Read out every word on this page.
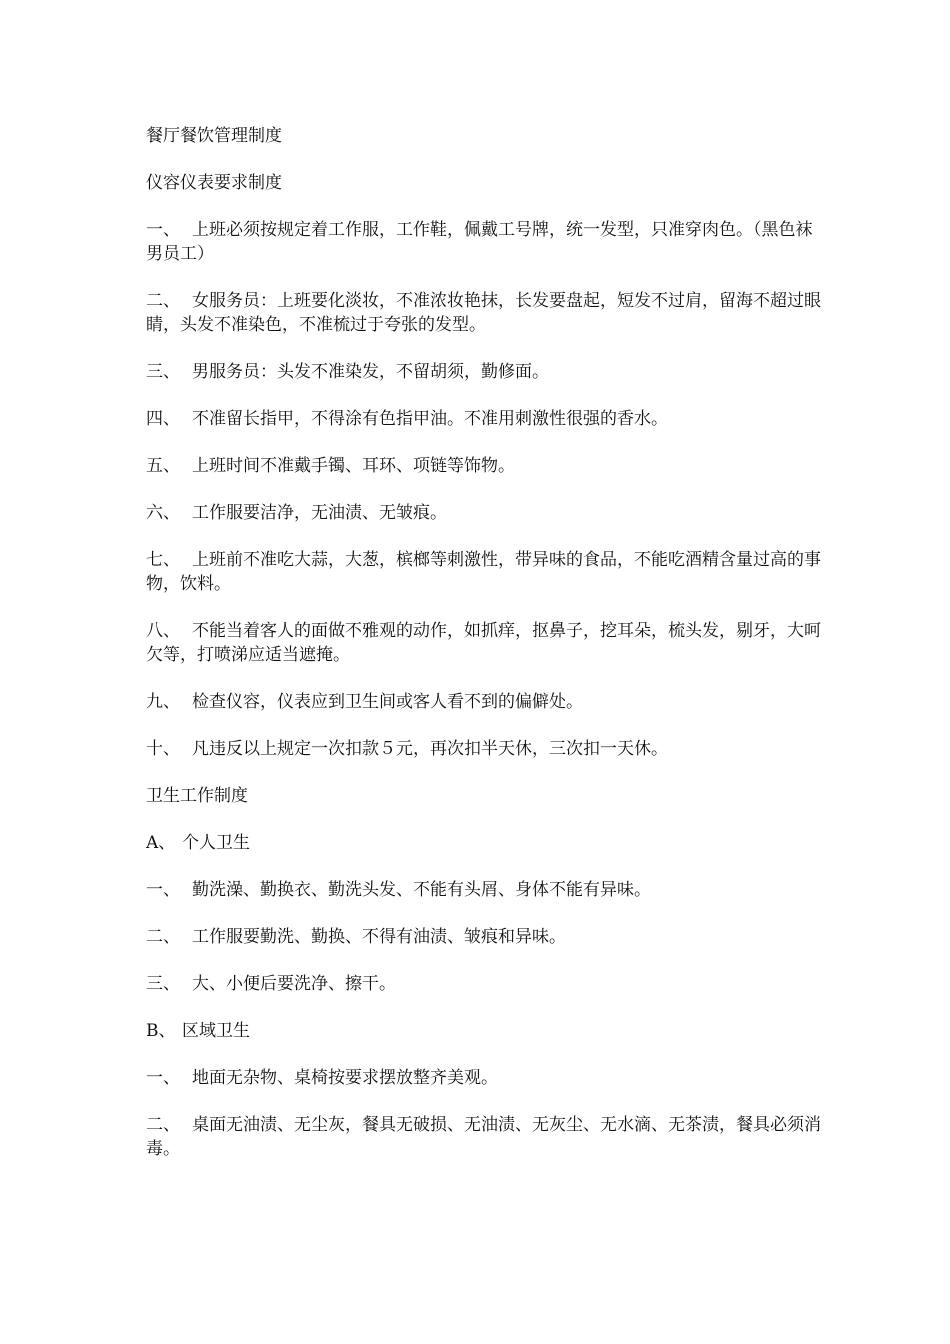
餐厅餐饮管理制度
仪容仪表要求制度
一、 上班必须按规定着工作服，工作鞋，佩戴工号牌，统一发型，只准穿肉色。（黑色袜男员工）
二、 女服务员：上班要化淡妆，不准浓妆艳抹，长发要盘起，短发不过肩，留海不超过眼睛，头发不准染色，不准梳过于夸张的发型。
三、 男服务员：头发不准染发，不留胡须，勤修面。
四、 不准留长指甲，不得涂有色指甲油。不准用刺激性很强的香水。
五、 上班时间不准戴手镯、耳环、项链等饰物。
六、 工作服要洁净，无油渍、无皱痕。
七、 上班前不准吃大蒜，大葱，槟榔等刺激性，带异味的食品，不能吃酒精含量过高的事物，饮料。
八、 不能当着客人的面做不雅观的动作，如抓痒，抠鼻子，挖耳朵，梳头发，剔牙，大呵欠等，打喷涕应适当遮掩。
九、 检查仪容，仪表应到卫生间或客人看不到的偏僻处。
十、 凡违反以上规定一次扣款５元，再次扣半天休，三次扣一天休。
卫生工作制度
A、 个人卫生
一、 勤洗澡、勤换衣、勤洗头发、不能有头屑、身体不能有异味。
二、 工作服要勤洗、勤换、不得有油渍、皱痕和异味。
三、 大、小便后要洗净、擦干。
B、 区域卫生
一、 地面无杂物、桌椅按要求摆放整齐美观。
二、 桌面无油渍、无尘灰，餐具无破损、无油渍、无灰尘、无水滴、无茶渍，餐具必须消毒。
